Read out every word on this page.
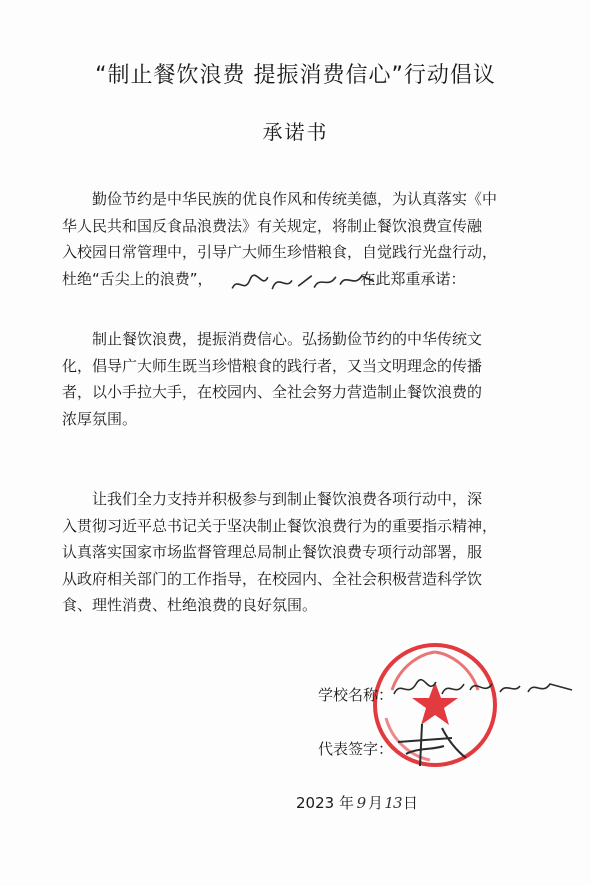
“制止餐饮浪费 提振消费信心”行动倡议
承诺书

勤俭节约是中华民族的优良作风和传统美德，为认真落实《中
华人民共和国反食品浪费法》有关规定，将制止餐饮浪费宣传融
入校园日常管理中，引导广大师生珍惜粮食，自觉践行光盘行动，
杜绝“舌尖上的浪费”，	在此郑重承诺：

制止餐饮浪费，提振消费信心。弘扬勤俭节约的中华传统文
化，倡导广大师生既当珍惜粮食的践行者，又当文明理念的传播
者，以小手拉大手，在校园内、全社会努力营造制止餐饮浪费的
浓厚氛围。

让我们全力支持并积极参与到制止餐饮浪费各项行动中，深
入贯彻习近平总书记关于坚决制止餐饮浪费行为的重要指示精神，
认真落实国家市场监督管理总局制止餐饮浪费专项行动部署，服
从政府相关部门的工作指导，在校园内、全社会积极营造科学饮
食、理性消费、杜绝浪费的良好氛围。

学校名称：
代表签字：
2023 年 9 月13日
